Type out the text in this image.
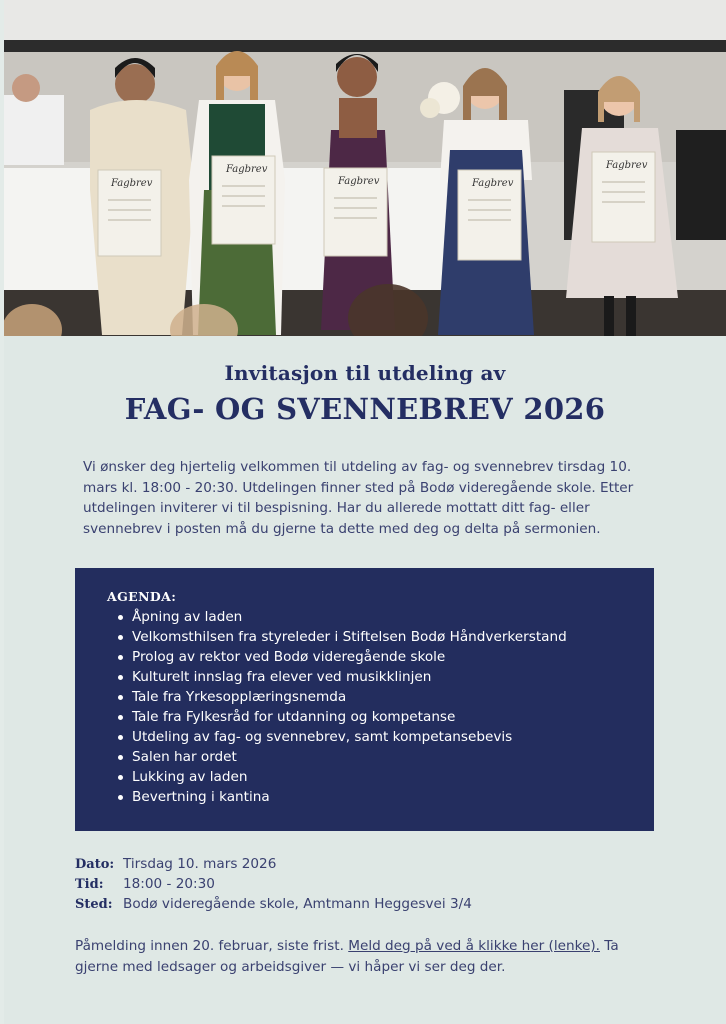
Fagbrev
Fagbrev
Fagbrev	Fagbrev
Fagbrev
Invitasjon til utdeling av
FAG- OG SVENNEBREV 2026
Vi ønsker deg hjertelig velkommen til utdeling av fag- og svennebrev tirsdag 10. mars kl. 18:00 - 20:30. Utdelingen finner sted på Bodø videregående skole. Etter utdelingen inviterer vi til bespisning. Har du allerede mottatt ditt fag- eller svennebrev i posten må du gjerne ta dette med deg og delta på sermonien.
AGENDA:
Åpning av laden
Velkomsthilsen fra styreleder i Stiftelsen Bodø Håndverkerstand
Prolog av rektor ved Bodø videregående skole
Kulturelt innslag fra elever ved musikklinjen
Tale fra Yrkesopplæringsnemda
Tale fra Fylkesråd for utdanning og kompetanse
Utdeling av fag- og svennebrev, samt kompetansebevis
Salen har ordet
Lukking av laden
Bevertning i kantina
Dato: Tirsdag 10. mars 2026
Tid:	18:00 - 20:30
Sted: Bodø videregående skole, Amtmann Heggesvei 3/4
Påmelding innen 20. februar, siste frist. Meld deg på ved å klikke her (lenke). Ta gjerne med ledsager og arbeidsgiver — vi håper vi ser deg der.
